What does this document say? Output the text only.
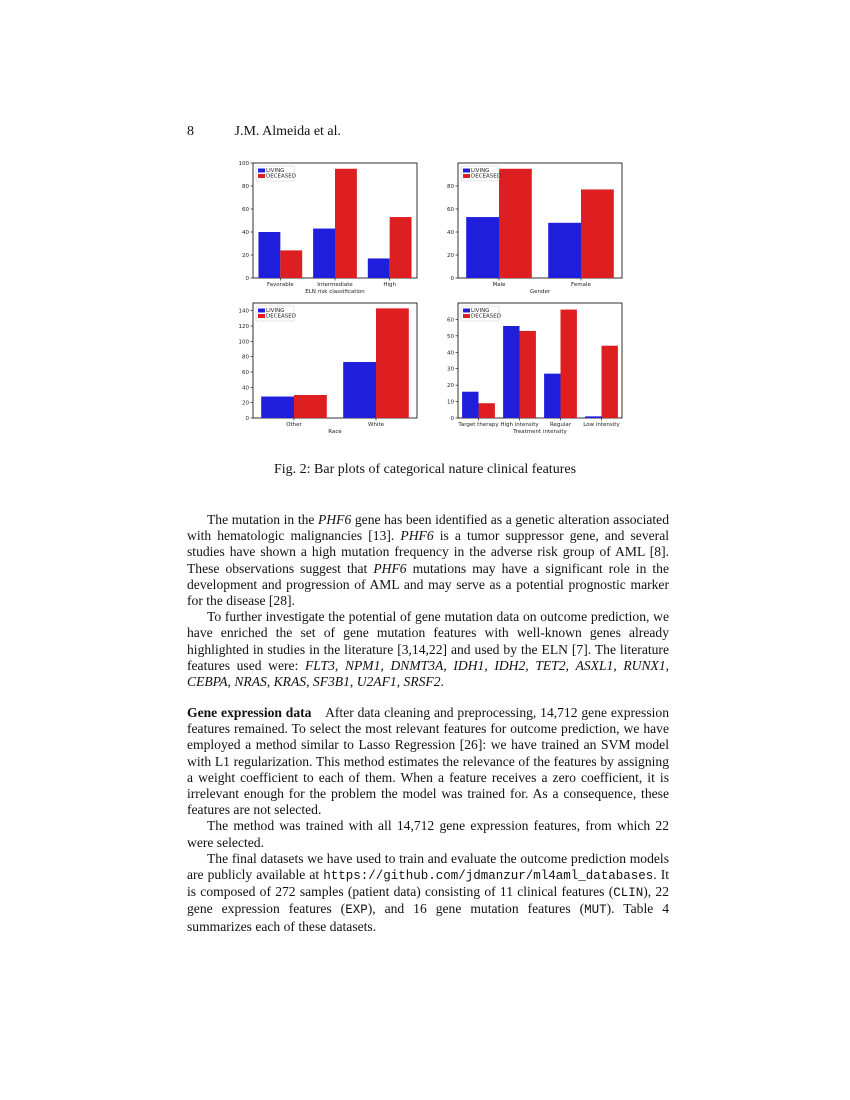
8	J.M. Almeida et al.
0
20
40
60
80
100
Favorable	Intermediate	High
ELN risk classification
LIVING
DECEASED
0
20
40
60
80
Male	Female
Gender
LIVING
DECEASED
0
20
40
60
80
100
120
140
Other	White
Race
LIVING
DECEASED
0
10
20
30
40
50
60
Target therapy High intensity Regular Low intensity
Treatment intensity
LIVING
DECEASED
Fig. 2: Bar plots of categorical nature clinical features

The mutation in the PHF6 gene has been identified as a genetic alteration associated with hematologic malignancies [13]. PHF6 is a tumor suppressor gene, and several studies have shown a high mutation frequency in the adverse risk group of AML [8]. These observations suggest that PHF6 mutations may have a significant role in the development and progression of AML and may serve as a potential prognostic marker for the disease [28].

To further investigate the potential of gene mutation data on outcome prediction, we have enriched the set of gene mutation features with well-known genes already highlighted in studies in the literature [3,14,22] and used by the ELN [7]. The literature features used were: FLT3, NPM1, DNMT3A, IDH1, IDH2, TET2, ASXL1, RUNX1, CEBPA, NRAS, KRAS, SF3B1, U2AF1, SRSF2.

Gene expression data  After data cleaning and preprocessing, 14,712 gene expression features remained. To select the most relevant features for outcome prediction, we have employed a method similar to Lasso Regression [26]: we have trained an SVM model with L1 regularization. This method estimates the relevance of the features by assigning a weight coefficient to each of them. When a feature receives a zero coefficient, it is irrelevant enough for the problem the model was trained for. As a consequence, these features are not selected.

The method was trained with all 14,712 gene expression features, from which 22 were selected.

The final datasets we have used to train and evaluate the outcome prediction models are publicly available at https://github.com/jdmanzur/ml4aml_databases. It is composed of 272 samples (patient data) consisting of 11 clinical features (CLIN), 22 gene expression features (EXP), and 16 gene mutation features (MUT). Table 4 summarizes each of these datasets.
